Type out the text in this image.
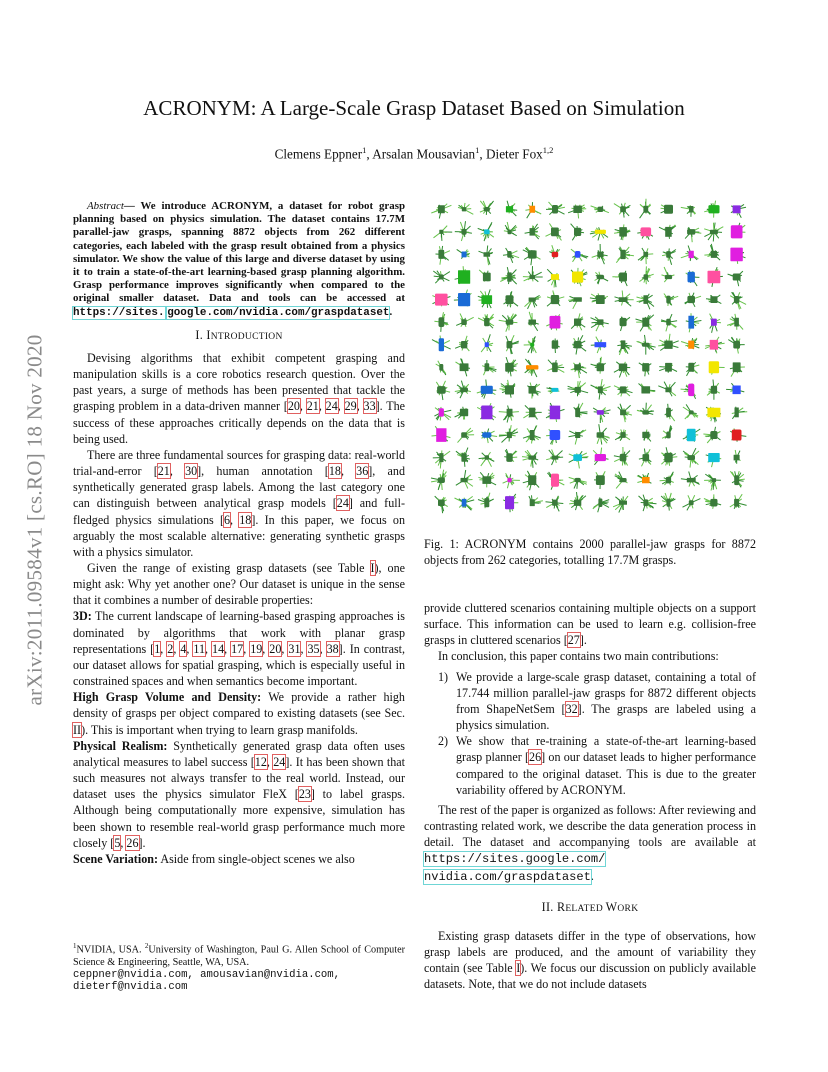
arXiv:2011.09584v1 [cs.RO] 18 Nov 2020
ACRONYM: A Large-Scale Grasp Dataset Based on Simulation

Clemens Eppner$^1$, Arsalan Mousavian$^1$, Dieter Fox$^{1,2}$

Abstract— We introduce ACRONYM, a dataset for robot grasp planning based on physics simulation. The dataset contains 17.7M parallel-jaw grasps, spanning 8872 objects from 262 different categories, each labeled with the grasp result obtained from a physics simulator. We show the value of this large and diverse dataset by using it to train a state-of-the-art learning-based grasp planning algorithm. Grasp performance improves significantly when compared to the original smaller dataset. Data and tools can be accessed at https://sites. google.com/nvidia.com/graspdataset.

I. INTRODUCTION

Devising algorithms that exhibit competent grasping and manipulation skills is a core robotics research question. Over the past years, a surge of methods has been presented that tackle the grasping problem in a data-driven manner [20, 21, 24, 29, 33]. The success of these approaches critically depends on the data that is being used.

There are three fundamental sources for grasping data: real-world trial-and-error [21, 30], human annotation [18, 36], and synthetically generated grasp labels. Among the last category one can distinguish between analytical grasp models [24] and full-fledged physics simulations [6, 18]. In this paper, we focus on arguably the most scalable alternative: generating synthetic grasps with a physics simulator.

Given the range of existing grasp datasets (see Table I), one might ask: Why yet another one? Our dataset is unique in the sense that it combines a number of desirable properties:

3D: The current landscape of learning-based grasping approaches is dominated by algorithms that work with planar grasp representations [1, 2, 4, 11, 14, 17, 19, 20, 31, 35, 38]. In contrast, our dataset allows for spatial grasping, which is especially useful in constrained spaces and when semantics become important.

High Grasp Volume and Density: We provide a rather high density of grasps per object compared to existing datasets (see Sec. II). This is important when trying to learn grasp manifolds.

Physical Realism: Synthetically generated grasp data often uses analytical measures to label success [12, 24]. It has been shown that such measures not always transfer to the real world. Instead, our dataset uses the physics simulator FleX [23] to label grasps. Although being computationally more expensive, simulation has been shown to resemble real-world grasp performance much more closely [5, 26].

Scene Variation: Aside from single-object scenes we also

$^1$NVIDIA, USA. $^2$University of Washington, Paul G. Allen School of Computer Science & Engineering, Seattle, WA, USA.
ceppner@nvidia.com, amousavian@nvidia.com,
dieterf@nvidia.com
Fig. 1: ACRONYM contains 2000 parallel-jaw grasps for 8872 objects from 262 categories, totalling 17.7M grasps.

provide cluttered scenarios containing multiple objects on a support surface. This information can be used to learn e.g. collision-free grasps in cluttered scenarios [27].

In conclusion, this paper contains two main contributions:

1) We provide a large-scale grasp dataset, containing a total of 17.744 million parallel-jaw grasps for 8872 different objects from ShapeNetSem [32]. The grasps are labeled using a physics simulation.
2) We show that re-training a state-of-the-art learning-based grasp planner [26] on our dataset leads to higher performance compared to the original dataset. This is due to the greater variability offered by ACRONYM.

The rest of the paper is organized as follows: After reviewing and contrasting related work, we describe the data generation process in detail. The dataset and accompanying tools are available at https://sites.google.com/ nvidia.com/graspdataset.

II. RELATED WORK

Existing grasp datasets differ in the type of observations, how grasp labels are produced, and the amount of variability they contain (see Table I). We focus our discussion on publicly available datasets. Note, that we do not include datasets
